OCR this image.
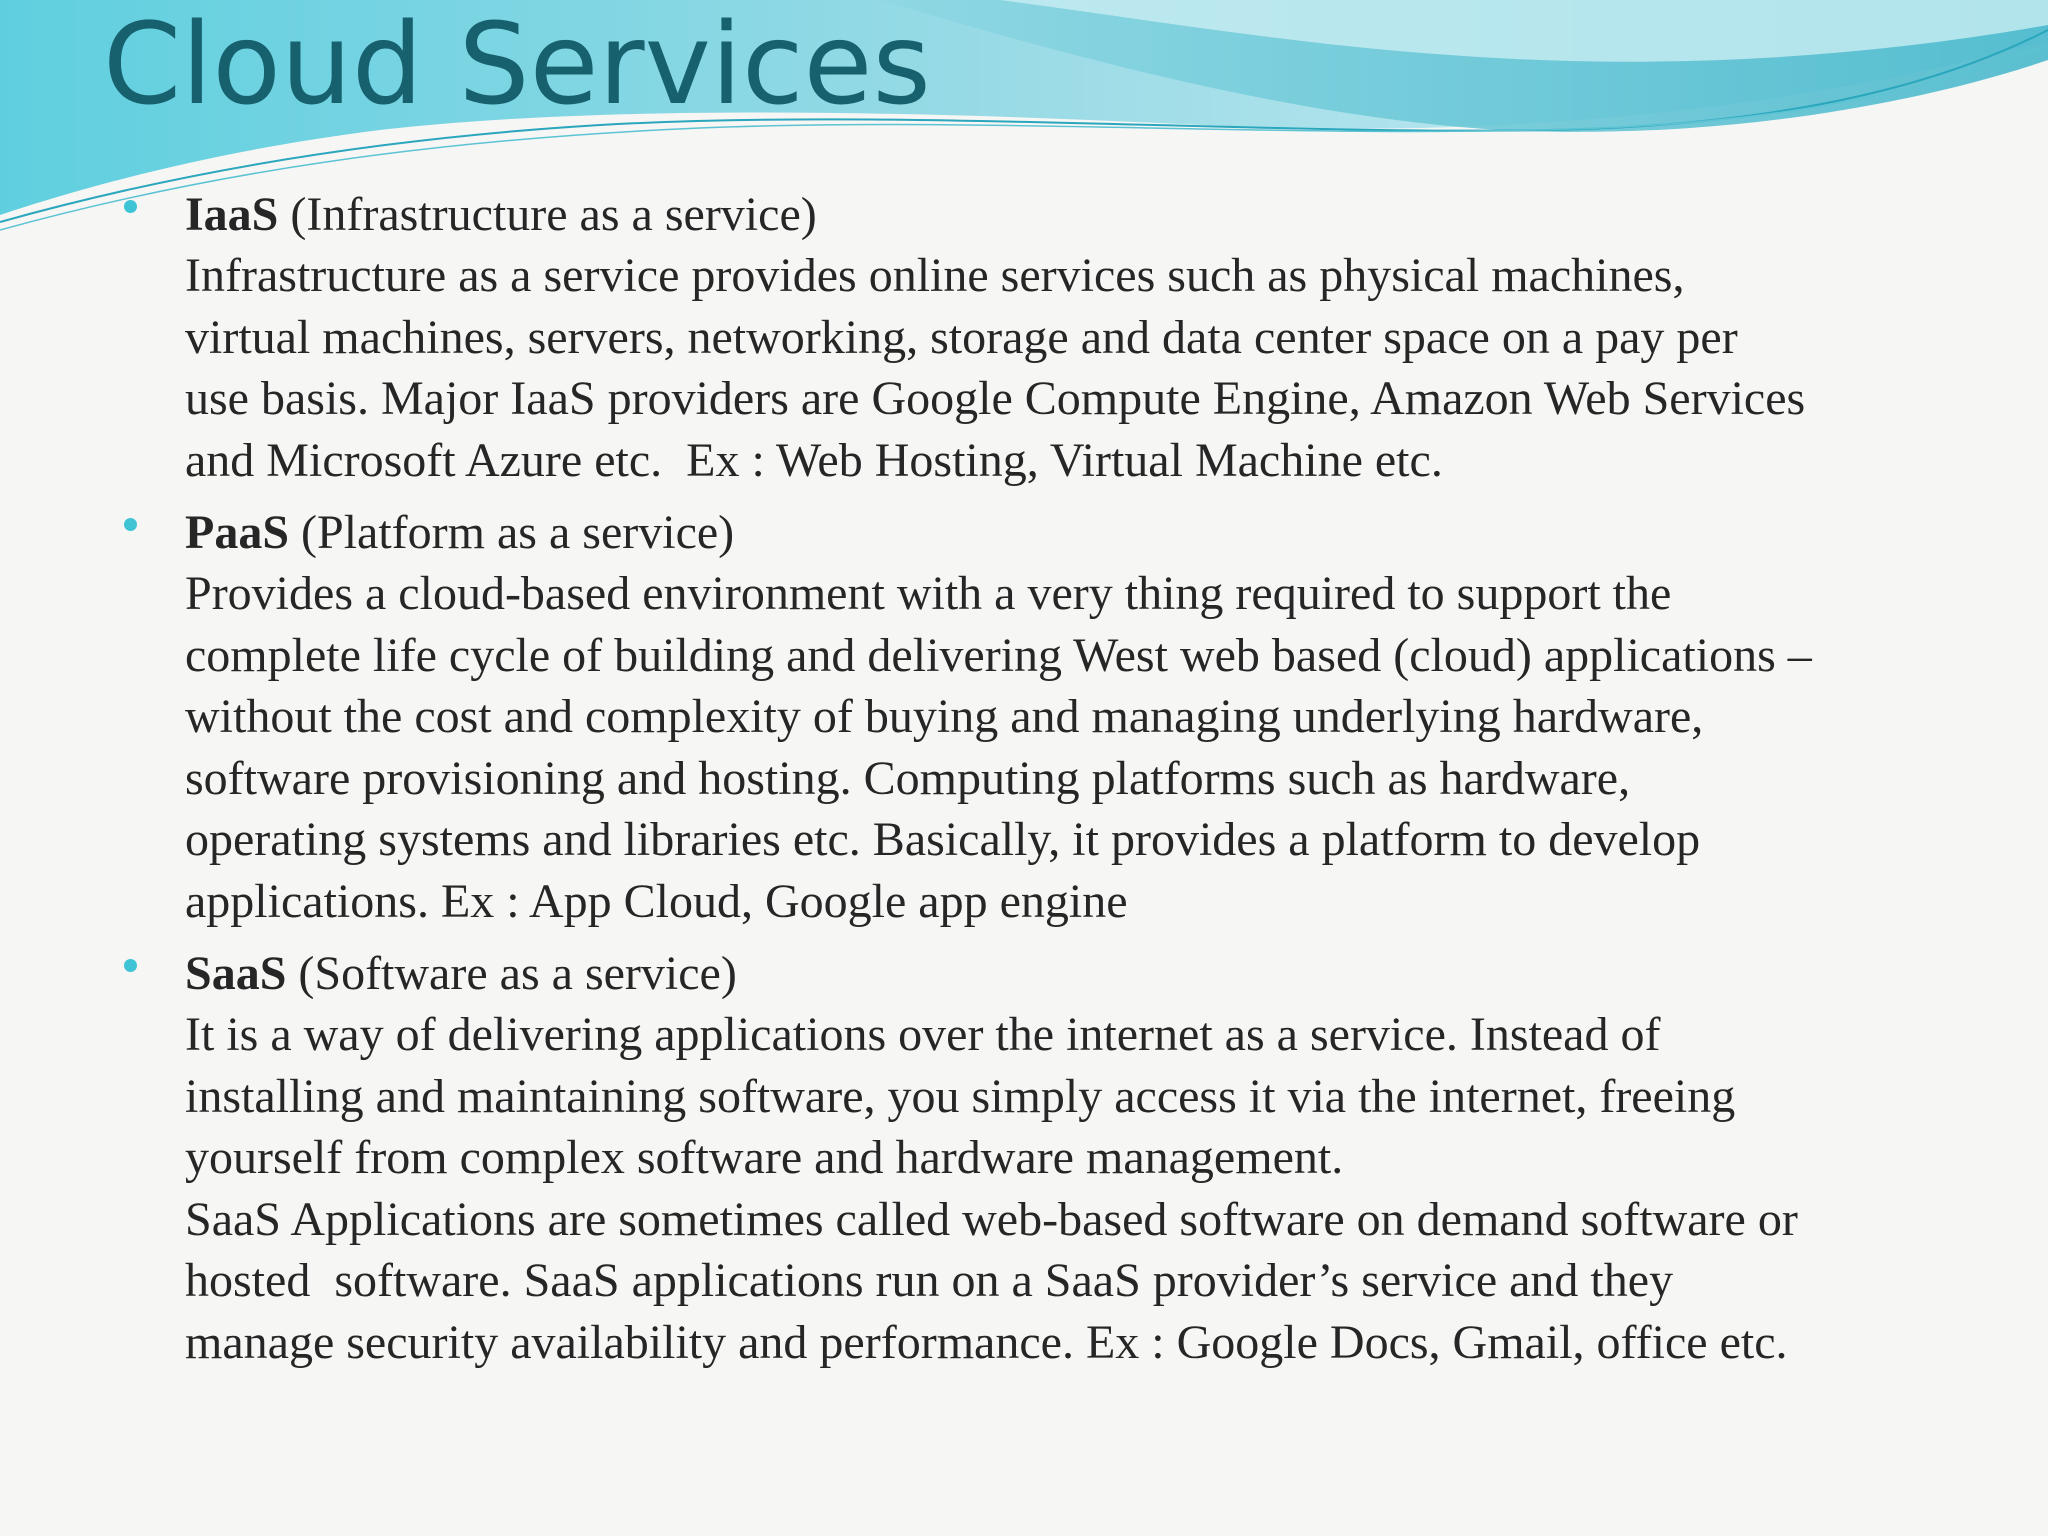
Cloud Services
IaaS (Infrastructure as a service)
Infrastructure as a service provides online services such as physical machines,
virtual machines, servers, networking, storage and data center space on a pay per
use basis. Major IaaS providers are Google Compute Engine, Amazon Web Services
and Microsoft Azure etc.  Ex : Web Hosting, Virtual Machine etc.
PaaS (Platform as a service)
Provides a cloud-based environment with a very thing required to support the
complete life cycle of building and delivering West web based (cloud) applications –
without the cost and complexity of buying and managing underlying hardware,
software provisioning and hosting. Computing platforms such as hardware,
operating systems and libraries etc. Basically, it provides a platform to develop
applications. Ex : App Cloud, Google app engine
SaaS (Software as a service)
It is a way of delivering applications over the internet as a service. Instead of
installing and maintaining software, you simply access it via the internet, freeing
yourself from complex software and hardware management.
SaaS Applications are sometimes called web-based software on demand software or
hosted  software. SaaS applications run on a SaaS provider’s service and they
manage security availability and performance. Ex : Google Docs, Gmail, office etc.
